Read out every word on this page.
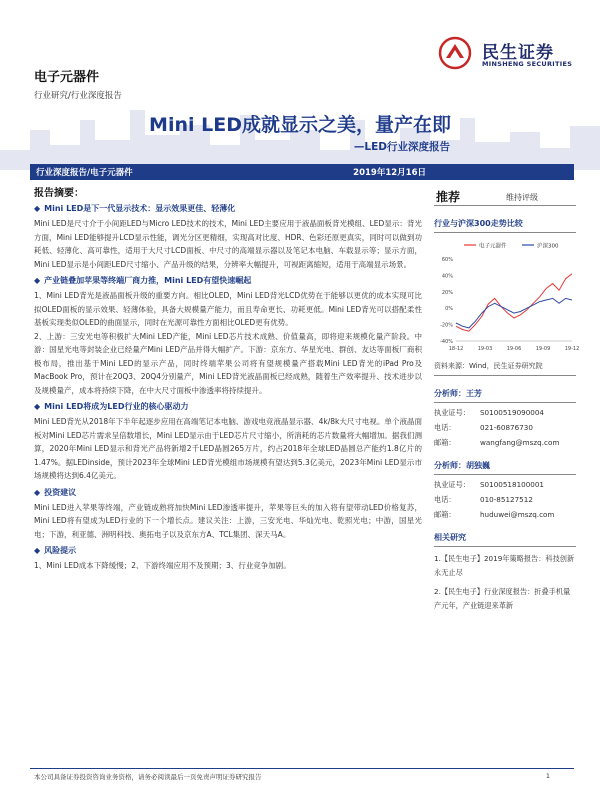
电子元器件
行业研究/行业深度报告
民生证券
MINSHENG SECURITIES
Mini LED成就显示之美，量产在即
—LED行业深度报告
行业深度报告/电子元器件	2019年12月16日
报告摘要：
◆ Mini LED是下一代显示技术：显示效果更佳、轻薄化
Mini LED是尺寸介于小间距LED与Micro LED技术的技术，Mini LED主要应用于液晶面板背光模组、LED显示：背光方面，Mini LED能够提升LCD显示性能，调光分区更精细，实现高对比度、HDR、色彩还原更真实，同时可以做到功耗低、轻薄化、高可靠性，适用于大尺寸LCD面板、中尺寸的高端显示器以及笔记本电脑、车载显示等；显示方面，Mini LED显示是小间距LED尺寸缩小、产品升级的结果，分辨率大幅提升，可视距离缩短，适用于高端显示场景。
◆ 产业链叠加苹果等终端厂商力推，Mini LED有望快速崛起
1、Mini LED背光是液晶面板升级的重要方向。相比OLED，Mini LED背光LCD优势在于能够以更优的成本实现可比拟OLED面板的显示效果、轻薄体验，具备大规模量产能力，而且寿命更长、功耗更低。Mini LED背光可以搭配柔性基板实现类似OLED的曲面显示，同时在光源可靠性方面相比OLED更有优势。
2、上游：三安光电等积极扩大Mini LED产能，Mini LED芯片技术成熟、价值量高，即将迎来规模化量产阶段。中游：国星光电等封装企业已经量产Mini LED产品并得大幅扩产。下游：京东方、华星光电、群创、友达等面板厂商积极布局，推出基于Mini LED的显示产品，同时终端苹果公司将有望规模量产搭载Mini LED背光的iPad Pro及MacBook Pro，预计在20Q3、20Q4分别量产，Mini LED背光液晶面板已经成熟，随着生产效率提升、技术进步以及规模量产，成本将持续下降，在中大尺寸面板中渗透率将持续提升。
◆ Mini LED将成为LED行业的核心驱动力
Mini LED背光从2018年下半年起逐步应用在高端笔记本电脑、游戏电竞液晶显示器、4k/8k大尺寸电视。单个液晶面板对Mini LED芯片需求呈倍数增长，Mini LED显示由于LED芯片尺寸缩小，所消耗的芯片数量将大幅增加。据我们测算，2020年Mini LED显示和背光产品将新增2千LED晶圆265万片，约占2018年全球LED晶圆总产能约1.8亿片的1.47%。据LEDinside，预计2023年全球Mini LED背光模组市场规模有望达到5.3亿美元，2023年Mini LED显示市场规模将达到6.4亿美元。
◆ 投资建议
Mini LED进入苹果等终端，产业链成熟将加快Mini LED渗透率提升，苹果等巨头的加入将有望带动LED价格复苏，Mini LED将有望成为LED行业的下一个增长点。建议关注：上游，三安光电、华灿光电、乾照光电；中游，国星光电；下游，利亚德、洲明科技、奥拓电子以及京东方A、TCL集团、深天马A。
◆ 风险提示
1、Mini LED成本下降缓慢；2、下游终端应用不及预期；3、行业竞争加剧。
推荐	维持评级
行业与沪深300走势比较
电子元器件	沪深300
60%
40%
20%
0%
-20%
-40%
18-12	19-03	19-06	19-09	19-12
资料来源：Wind，民生证券研究院
分析师：王芳
执业证号：	S0100519090004
电话：	021-60876730
邮箱：	wangfang@mszq.com
分析师：胡独巍
执业证号：	S0100518100001
电话：	010-85127512
邮箱：	huduwei@mszq.com
相关研究
1.【民生电子】2019年策略报告：科技创新 永无止尽
2.【民生电子】行业深度报告：折叠手机量产元年，产业链迎来革新
本公司具备证券投资咨询业务资格，请务必阅读最后一页免责声明证券研究报告	1
